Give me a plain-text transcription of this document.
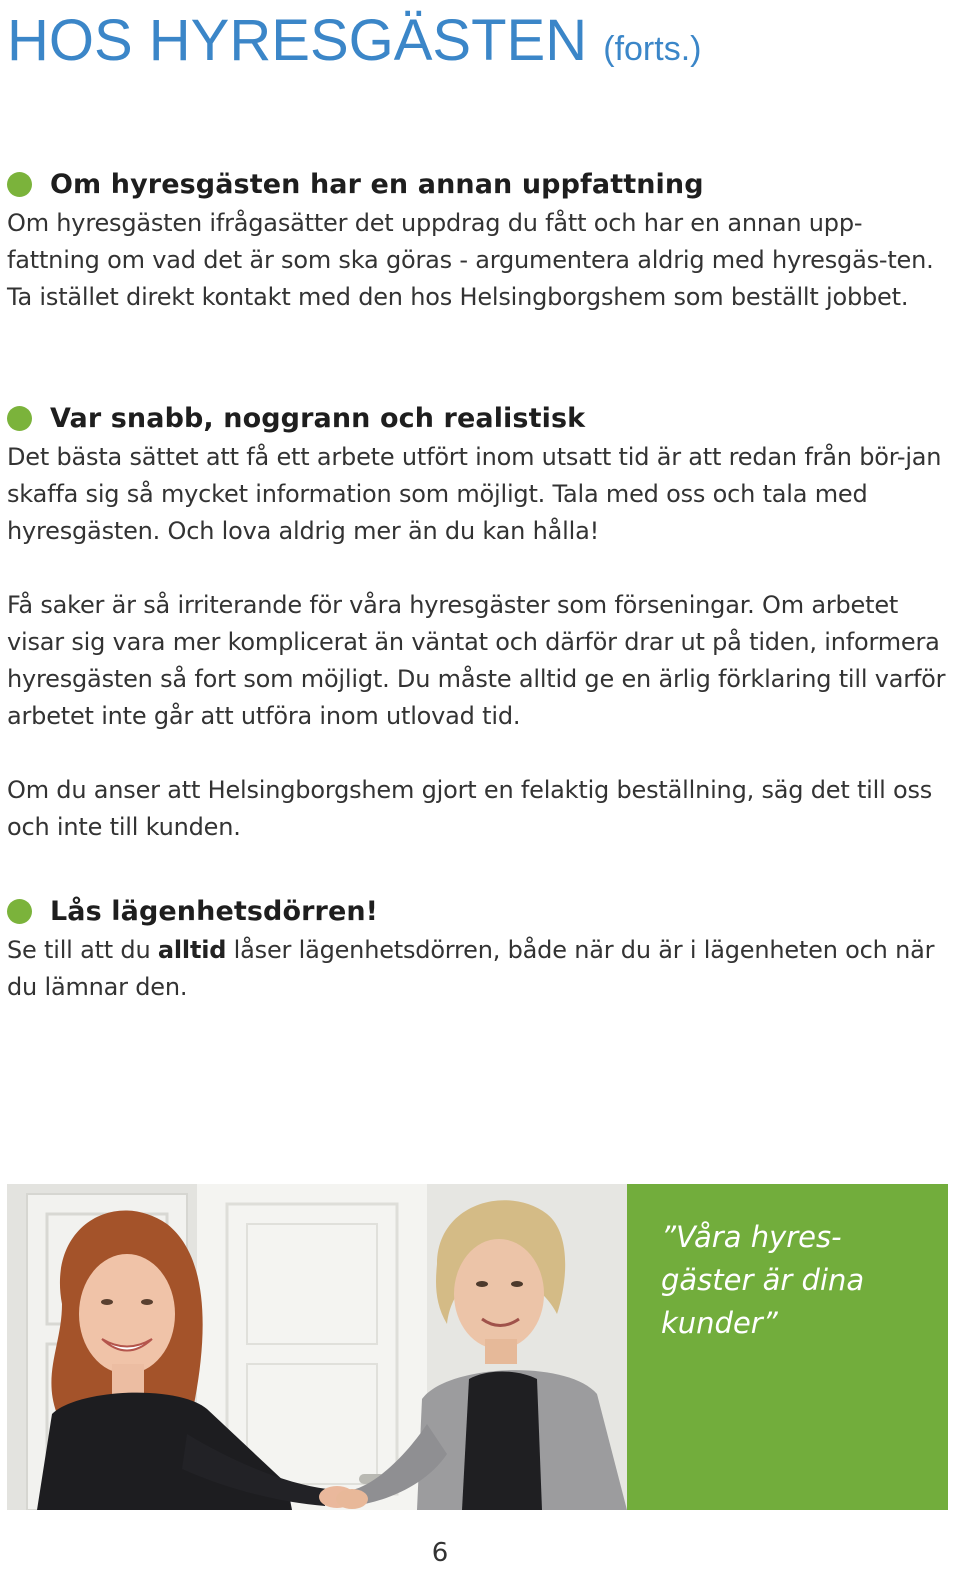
HOS HYRESGÄSTEN (forts.)
Om hyresgästen har en annan uppfattning

Om hyresgästen ifrågasätter det uppdrag du fått och har en annan upp-fattning om vad det är som ska göras - argumentera aldrig med hyresgäs-ten. Ta istället direkt kontakt med den hos Helsingborgshem som beställt jobbet.

Var snabb, noggrann och realistisk

Det bästa sättet att få ett arbete utfört inom utsatt tid är att redan från bör-jan skaffa sig så mycket information som möjligt. Tala med oss och tala med hyresgästen. Och lova aldrig mer än du kan hålla!

Få saker är så irriterande för våra hyresgäster som förseningar. Om arbetet visar sig vara mer komplicerat än väntat och därför drar ut på tiden, informera hyresgästen så fort som möjligt. Du måste alltid ge en ärlig förklaring till varför arbetet inte går att utföra inom utlovad tid.

Om du anser att Helsingborgshem gjort en felaktig beställning, säg det till oss och inte till kunden.

Lås lägenhetsdörren!

Se till att du alltid låser lägenhetsdörren, både när du är i lägenheten och när du lämnar den.

”Våra hyres-
gäster är dina
kunder”
6
